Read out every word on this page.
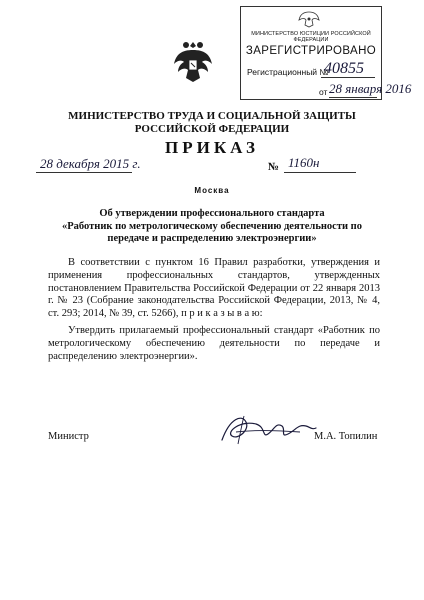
МИНИСТЕРСТВО ЮСТИЦИИ РОССИЙСКОЙ ФЕДЕРАЦИИ
ЗАРЕГИСТРИРОВАНО
Регистрационный №
40855
от 28 января 2016
МИНИСТЕРСТВО ТРУДА И СОЦИАЛЬНОЙ ЗАЩИТЫ
РОССИЙСКОЙ ФЕДЕРАЦИИ
ПРИКАЗ
28 декабря 2015 г.	№ 1160н
Москва
Об утверждении профессионального стандарта
«Работник по метрологическому обеспечению деятельности по
передаче и распределению электроэнергии»
В соответствии с пунктом 16 Правил разработки, утверждения и применения профессиональных стандартов, утвержденных постановлением Правительства Российской Федерации от 22 января 2013 г. № 23 (Собрание законодательства Российской Федерации, 2013, № 4, ст. 293; 2014, № 39, ст. 5266), п р и к а з ы в а ю:
Утвердить прилагаемый профессиональный стандарт «Работник по метрологическому обеспечению деятельности по передаче и распределению электроэнергии».
Министр	М.А. Топилин
